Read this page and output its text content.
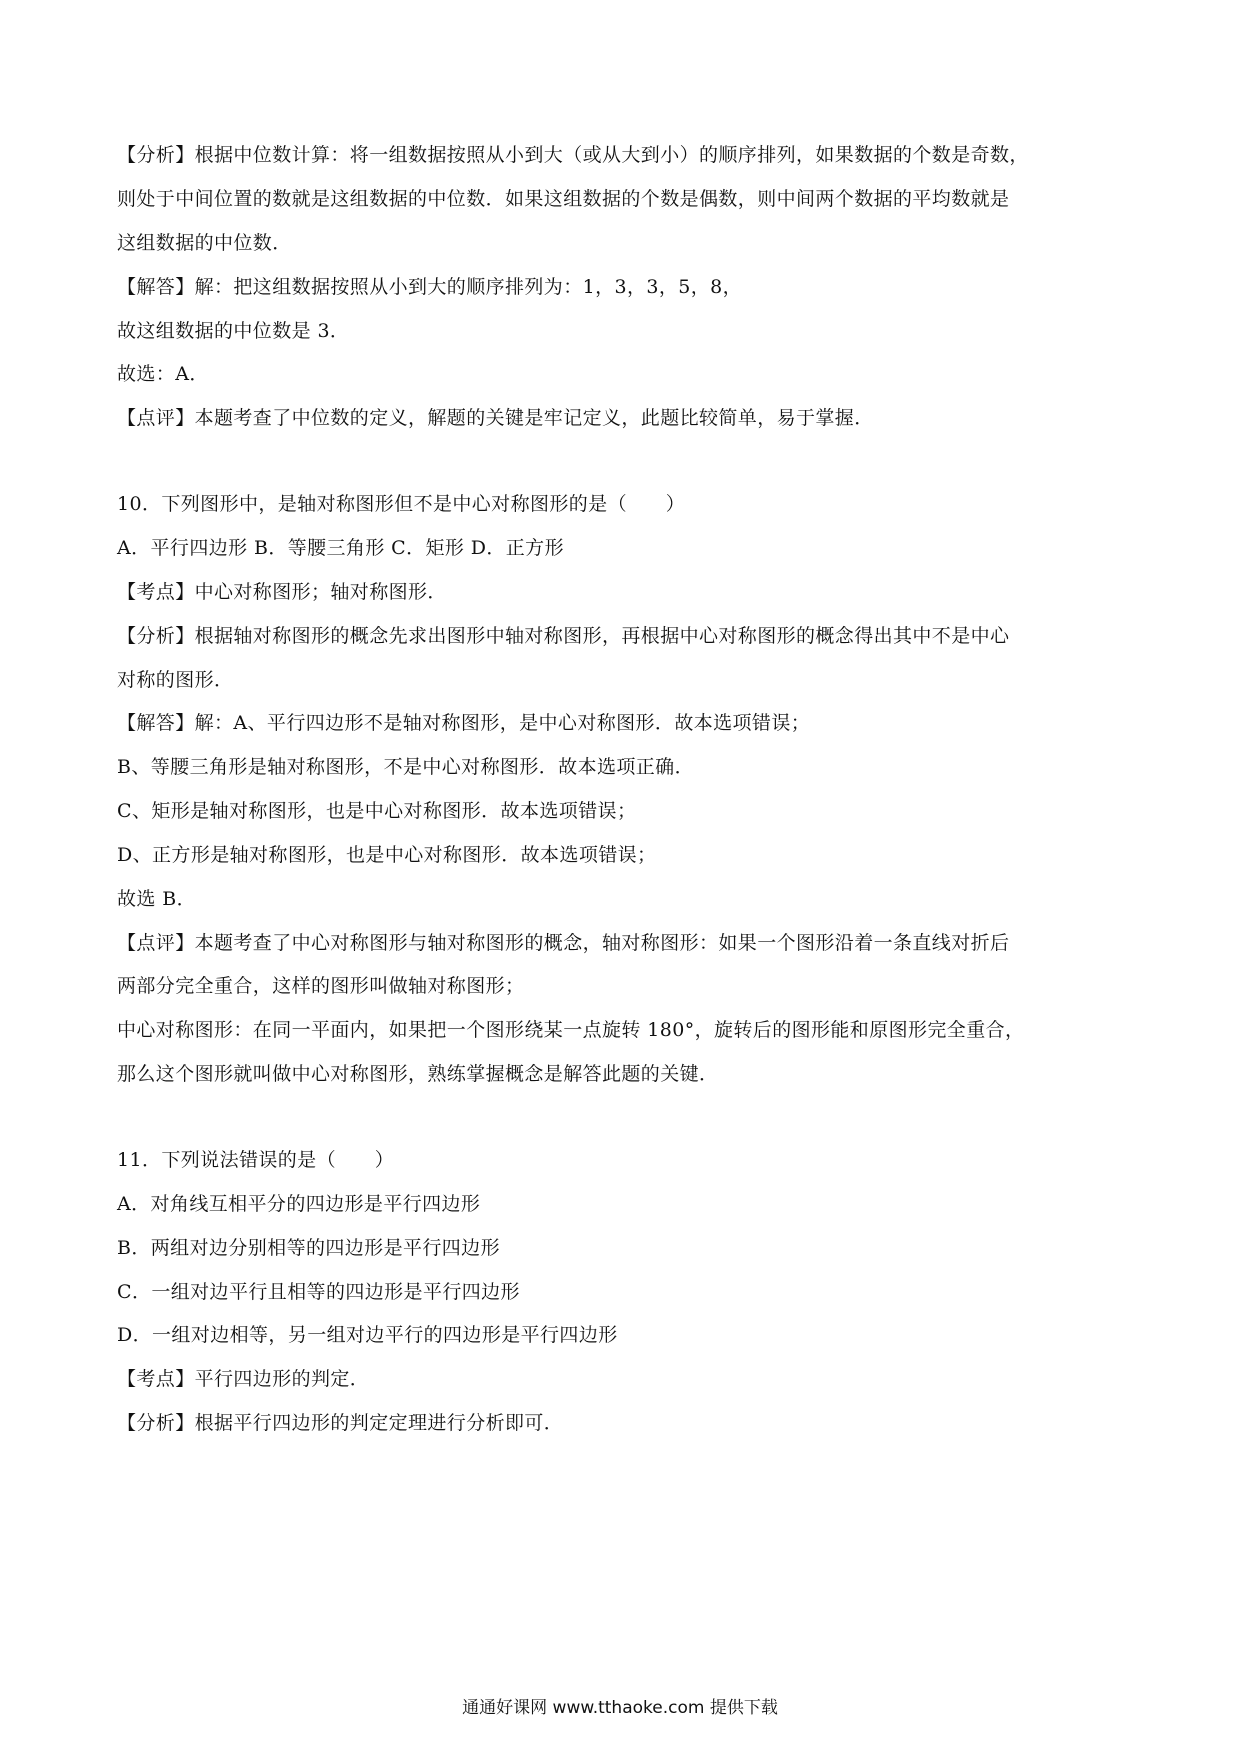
【分析】根据中位数计算：将一组数据按照从小到大（或从大到小）的顺序排列，如果数据的个数是奇数，
则处于中间位置的数就是这组数据的中位数．如果这组数据的个数是偶数，则中间两个数据的平均数就是
这组数据的中位数．
【解答】解：把这组数据按照从小到大的顺序排列为：1，3，3，5，8，
故这组数据的中位数是 3．
故选：A．
【点评】本题考查了中位数的定义，解题的关键是牢记定义，此题比较简单，易于掌握．
10．下列图形中，是轴对称图形但不是中心对称图形的是（　　）
A．平行四边形 B．等腰三角形 C．矩形 D．正方形
【考点】中心对称图形；轴对称图形．
【分析】根据轴对称图形的概念先求出图形中轴对称图形，再根据中心对称图形的概念得出其中不是中心
对称的图形．
【解答】解：A、平行四边形不是轴对称图形，是中心对称图形．故本选项错误；
B、等腰三角形是轴对称图形，不是中心对称图形．故本选项正确．
C、矩形是轴对称图形，也是中心对称图形．故本选项错误；
D、正方形是轴对称图形，也是中心对称图形．故本选项错误；
故选 B．
【点评】本题考查了中心对称图形与轴对称图形的概念，轴对称图形：如果一个图形沿着一条直线对折后
两部分完全重合，这样的图形叫做轴对称图形；
中心对称图形：在同一平面内，如果把一个图形绕某一点旋转 180°，旋转后的图形能和原图形完全重合，
那么这个图形就叫做中心对称图形，熟练掌握概念是解答此题的关键．
11．下列说法错误的是（　　）
A．对角线互相平分的四边形是平行四边形
B．两组对边分别相等的四边形是平行四边形
C．一组对边平行且相等的四边形是平行四边形
D．一组对边相等，另一组对边平行的四边形是平行四边形
【考点】平行四边形的判定．
【分析】根据平行四边形的判定定理进行分析即可．
通通好课网 www.tthaoke.com 提供下载
